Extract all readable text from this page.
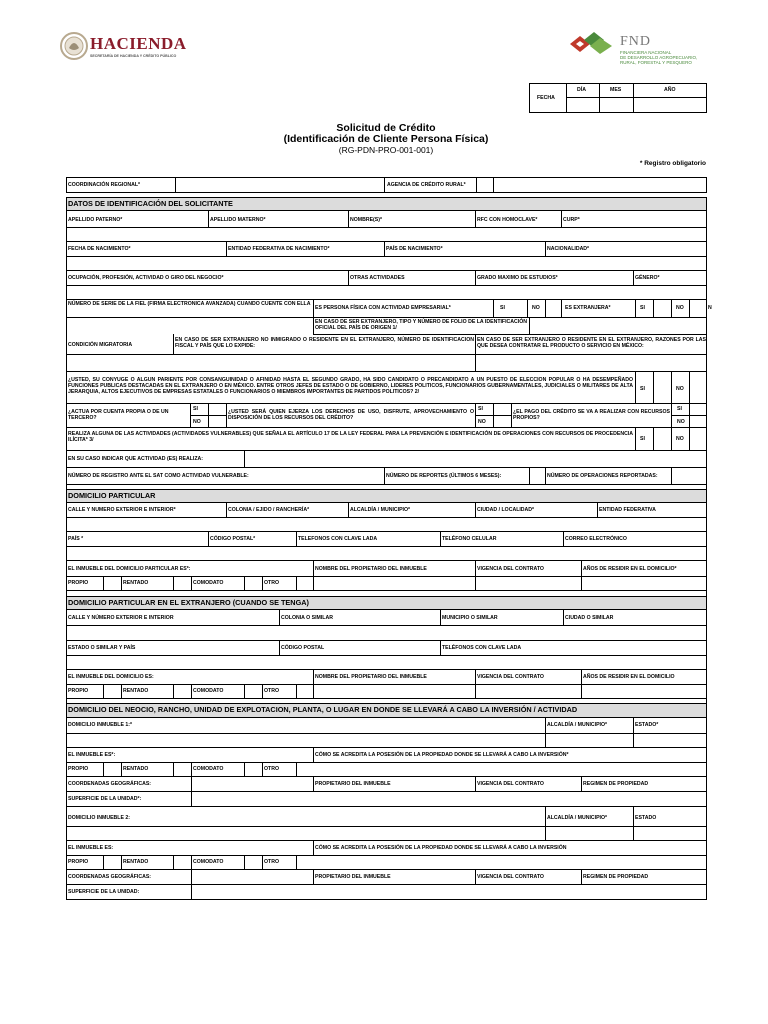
HACIENDA
SECRETARÍA DE HACIENDA Y CRÉDITO PÚBLICO
FND
FINANCIERA NACIONAL
DE DESARROLLO AGROPECUARIO,
RURAL, FORESTAL Y PESQUERO
FECHA
DÍA	MES	AÑO
Solicitud de Crédito
(Identificación de Cliente Persona Física)
(RG-PDN-PRO-001-001)
* Registro obligatorio
COORDINACIÓN REGIONAL*	AGENCIA DE CRÉDITO RURAL*
DATOS DE IDENTIFICACIÓN DEL SOLICITANTE
APELLIDO PATERNO*	APELLIDO MATERNO*	NOMBRE(S)*	RFC CON HOMOCLAVE*	CURP*
FECHA DE NACIMIENTO*	ENTIDAD FEDERATIVA DE NACIMIENTO*	PAÍS DE NACIMIENTO*	NACIONALIDAD*
OCUPACIÓN, PROFESIÓN, ACTIVIDAD O GIRO DEL NEGOCIO*	OTRAS ACTIVIDADES	GRADO MAXIMO DE ESTUDIOS*	GÉNERO*
NÚMERO DE SERIE DE LA FIEL (FIRMA ELECTRONICA AVANZADA) CUANDO CUENTE CON ELLA
ES PERSONA FÍSICA CON ACTIVIDAD EMPRESARIAL*	SI	NO	ES EXTRANJERA*	SI	NO	N
EN CASO DE SER EXTRANJERO, TIPO Y NÚMERO DE FOLIO DE LA IDENTIFICACIÓN OFICIAL DEL PAÍS DE ORIGEN 1/
CONDICIÓN MIGRATORIA
EN CASO DE SER EXTRANJERO NO INMIGRADO O RESIDENTE EN EL EXTRANJERO, NÚMERO DE IDENTIFICACION FISCAL Y PAÍS QUE LO EXPIDE:
EN CASO DE SER EXTRANJERO O RESIDENTE EN EL EXTRANJERO, RAZONES POR LAS QUE DESEA CONTRATAR EL PRODUCTO O SERVICIO EN MÉXICO:
¿USTED, SU CONYUGE O ALGUN PARIENTE POR CONSANGUINIDAD O AFINIDAD HASTA EL SEGUNDO GRADO, HA SIDO CANDIDATO O PRECANDIDATO A UN PUESTO DE ELECCION POPULAR O HA DESEMPEÑADO FUNCIONES PUBLICAS DESTACADAS EN EL EXTRANJERO O EN MÉXICO. ENTRE OTROS JEFES DE ESTADO O DE GOBIERNO, LIDERES POLITICOS, FUNCIONARIOS GUBERNAMENTALES, JUDICIALES O MILITARES DE ALTA JERARQUIA, ALTOS EJECUTIVOS DE EMPRESAS ESTATALES O FUNCIONARIOS O MIEMBROS IMPORTANTES DE PARTIDOS POLITICOS? 2/	SI	NO
¿ACTUA POR CUENTA PROPIA O DE UN TERCERO?
SI
NO
¿USTED SERÁ QUIEN EJERZA LOS DERECHOS DE USO, DISFRUTE, APROVECHAMIENTO O DISPOSICIÓN DE LOS RECURSOS DEL CRÉDITO?
SI
NO
¿EL PAGO DEL CRÉDITO SE VA A REALIZAR CON RECURSOS PROPIOS?
SI
NO
REALIZA ALGUNA DE LAS ACTIVIDADES (ACTIVIDADES VULNERABLES) QUE SEÑALA EL ARTÍCULO 17 DE LA LEY FEDERAL PARA LA PREVENCIÓN E IDENTIFICACIÓN DE OPERACIONES CON RECURSOS DE PROCEDENCIA ILÍCITA* 3/	SI	NO
EN SU CASO INDICAR QUE ACTIVIDAD (ES) REALIZA:
NÚMERO DE REGISTRO ANTE EL SAT COMO ACTIVIDAD VULNERABLE:	NÚMERO DE REPORTES (ÚLTIMOS 6 MESES):	NÚMERO DE OPERACIONES REPORTADAS:
DOMICILIO PARTICULAR
CALLE Y NUMERO EXTERIOR E INTERIOR*	COLONIA / EJIDO / RANCHERÍA*	ALCALDÍA / MUNICIPIO*	CIUDAD / LOCALIDAD*	ENTIDAD FEDERATIVA
PAÍS *	CÓDIGO POSTAL*	TELEFONOS CON CLAVE LADA	TELÉFONO CELULAR	CORREO ELECTRÓNICO
EL INMUEBLE DEL DOMICILIO PARTICULAR ES*:	NOMBRE DEL PROPIETARIO DEL INMUEBLE	VIGENCIA DEL CONTRATO	AÑOS DE RESIDIR EN EL DOMICILIO*
PROPIO	RENTADO	COMODATO	OTRO
DOMICILIO PARTICULAR EN EL EXTRANJERO (CUANDO SE TENGA)
CALLE Y NÚMERO EXTERIOR E INTERIOR	COLONIA O SIMILAR	MUNICIPIO O SIMILAR	CIUDAD O SIMILAR
ESTADO O SIMILAR Y PAÍS	CÓDIGO POSTAL	TELÉFONOS CON CLAVE LADA
EL INMUEBLE DEL DOMICILIO ES:	NOMBRE DEL PROPIETARIO DEL INMUEBLE	VIGENCIA DEL CONTRATO	AÑOS DE RESIDIR EN EL DOMICILIO
PROPIO	RENTADO	COMODATO	OTRO
DOMICILIO DEL NEOCIO, RANCHO, UNIDAD DE EXPLOTACION, PLANTA, O LUGAR EN DONDE SE LLEVARÁ A CABO LA INVERSIÓN / ACTIVIDAD
DOMICILIO INMUEBLE 1:*	ALCALDÍA / MUNICIPIO*	ESTADO*
EL INMUEBLE ES*:	CÓMO SE ACREDITA LA POSESIÓN DE LA PROPIEDAD DONDE SE LLEVARÁ A CABO LA INVERSIÓN*
PROPIO	RENTADO	COMODATO	OTRO
COORDENADAS GEOGRÁFICAS:	PROPIETARIO DEL INMUEBLE	VIGENCIA DEL CONTRATO	REGIMEN DE PROPIEDAD
SUPERFICIE DE LA UNIDAD*:
DOMICILIO INMUEBLE 2:	ALCALDÍA / MUNICIPIO*	ESTADO
EL INMUEBLE ES:	CÓMO SE ACREDITA LA POSESIÓN DE LA PROPIEDAD DONDE SE LLEVARÁ A CABO LA INVERSIÓN
PROPIO	RENTADO	COMODATO	OTRO
COORDENADAS GEOGRÁFICAS:	PROPIETARIO DEL INMUEBLE	VIGENCIA DEL CONTRATO	REGIMEN DE PROPIEDAD
SUPERFICIE DE LA UNIDAD:
